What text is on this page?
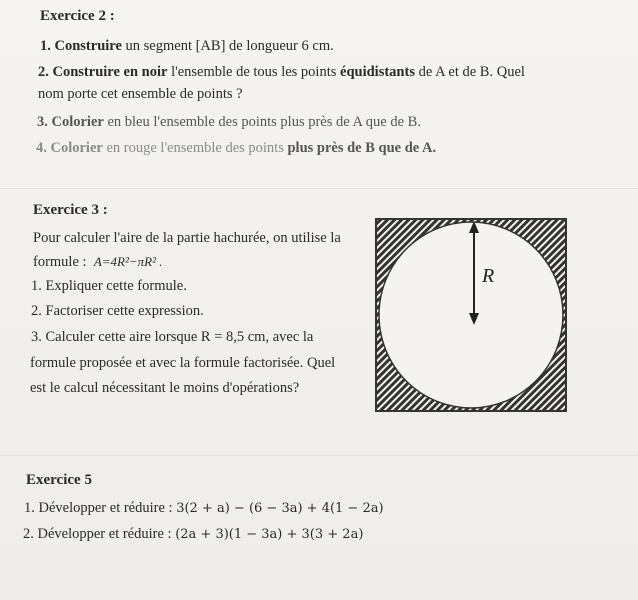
Exercice 2 :
1. Construire un segment [AB] de longueur 6 cm.
2. Construire en noir l'ensemble de tous les points équidistants de A et de B. Quel
nom porte cet ensemble de points ?
3. Colorier en bleu l'ensemble des points plus près de A que de B.
4. Colorier en rouge l'ensemble des points plus près de B que de A.
Exercice 3 :
Pour calculer l'aire de la partie hachurée, on utilise la
formule : A=4R²−πR² .
1. Expliquer cette formule.
2. Factoriser cette expression.
3. Calculer cette aire lorsque R = 8,5 cm, avec la
formule proposée et avec la formule factorisée. Quel
est le calcul nécessitant le moins d'opérations?
R
Exercice 5
1. Développer et réduire : 3(2 + a) − (6 − 3a) + 4(1 − 2a)
2. Développer et réduire : (2a + 3)(1 − 3a) + 3(3 + 2a)
